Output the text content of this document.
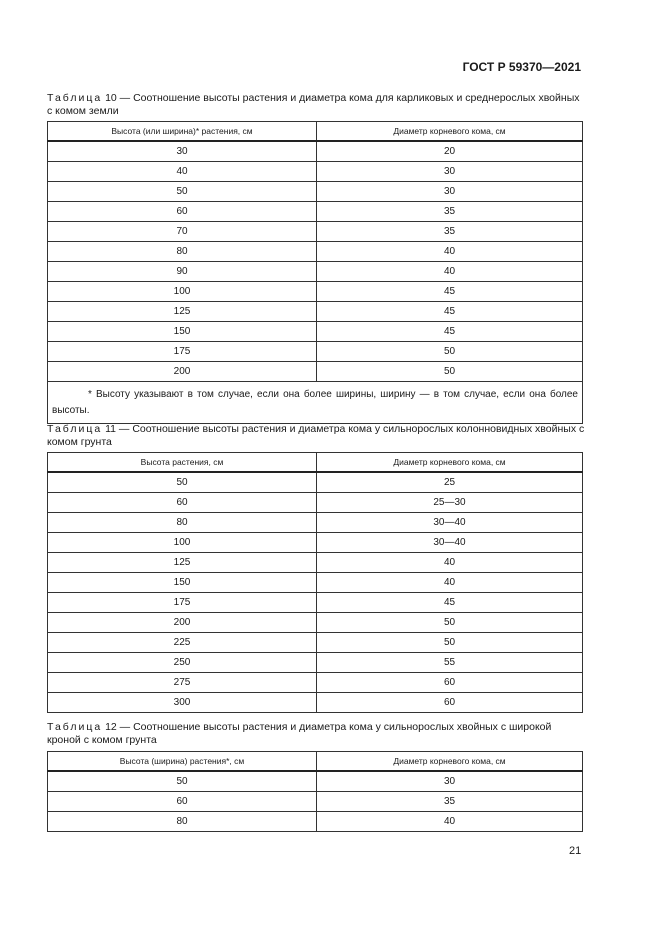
ГОСТ Р 59370—2021
Таблица 10 — Соотношение высоты растения и диаметра кома для карликовых и среднерослых хвойных с комом земли
Высота (или ширина)* растения, см	Диаметр корневого кома, см
30	20
40	30
50	30
60	35
70	35
80	40
90	40
100	45
125	45
150	45
175	50
200	50
* Высоту указывают в том случае, если она более ширины, ширину — в том случае, если она более высоты.	
Таблица 11 — Соотношение высоты растения и диаметра кома у сильнорослых колонновидных хвойных с комом грунта
Высота растения, см	Диаметр корневого кома, см
50	25
60	25—30
80	30—40
100	30—40
125	40
150	40
175	45
200	50
225	50
250	55
275	60
300	60
Таблица 12 — Соотношение высоты растения и диаметра кома у сильнорослых хвойных с широкой кроной с комом грунта
Высота (ширина) растения*, см	Диаметр корневого кома, см
50	30
60	35
80	40
21
